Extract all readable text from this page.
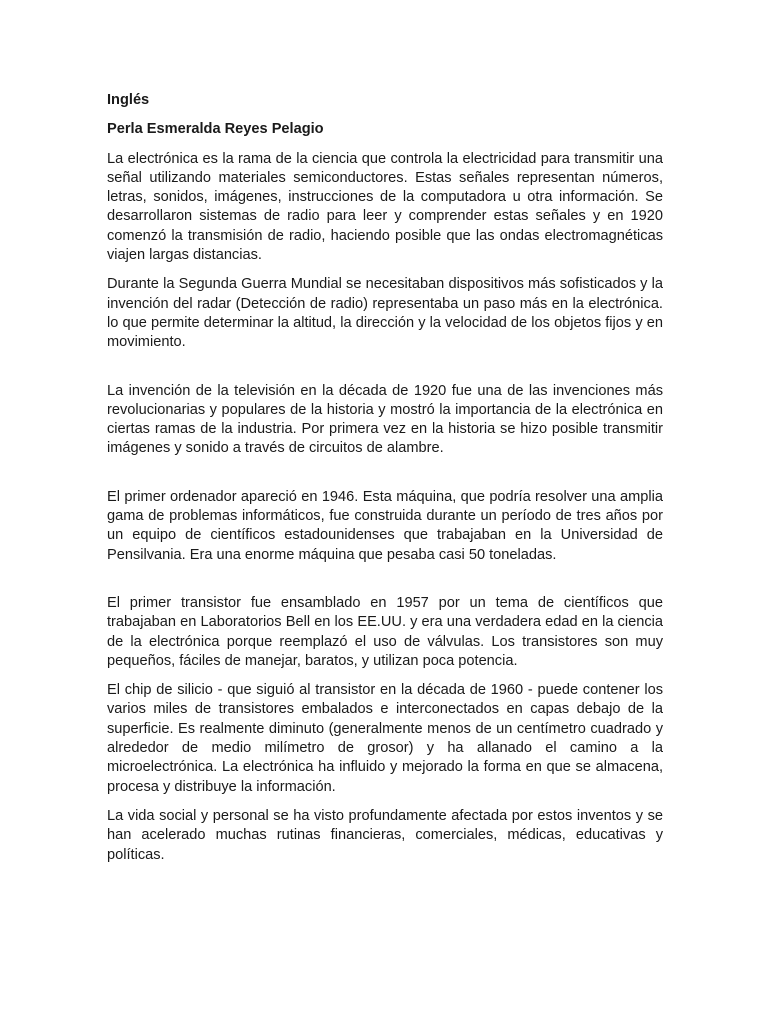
Inglés

Perla Esmeralda Reyes Pelagio

La electrónica es la rama de la ciencia que controla la electricidad para transmitir una señal utilizando materiales semiconductores. Estas señales representan números, letras, sonidos, imágenes, instrucciones de la computadora u otra información. Se desarrollaron sistemas de radio para leer y comprender estas señales y en 1920 comenzó la transmisión de radio, haciendo posible que las ondas electromagnéticas viajen largas distancias.

Durante la Segunda Guerra Mundial se necesitaban dispositivos más sofisticados y la invención del radar (Detección de radio) representaba un paso más en la electrónica. lo que permite determinar la altitud, la dirección y la velocidad de los objetos fijos y en movimiento.

La invención de la televisión en la década de 1920 fue una de las invenciones más revolucionarias y populares de la historia y mostró la importancia de la electrónica en ciertas ramas de la industria. Por primera vez en la historia se hizo posible transmitir imágenes y sonido a través de circuitos de alambre.

El primer ordenador apareció en 1946. Esta máquina, que podría resolver una amplia gama de problemas informáticos, fue construida durante un período de tres años por un equipo de científicos estadounidenses que trabajaban en la Universidad de Pensilvania. Era una enorme máquina que pesaba casi 50 toneladas.

El primer transistor fue ensamblado en 1957 por un tema de científicos que trabajaban en Laboratorios Bell en los EE.UU. y era una verdadera edad en la ciencia de la electrónica porque reemplazó el uso de válvulas. Los transistores son muy pequeños, fáciles de manejar, baratos, y utilizan poca potencia.

El chip de silicio - que siguió al transistor en la década de 1960 - puede contener los varios miles de transistores embalados e interconectados en capas debajo de la superficie. Es realmente diminuto (generalmente menos de un centímetro cuadrado y alrededor de medio milímetro de grosor) y ha allanado el camino a la microelectrónica. La electrónica ha influido y mejorado la forma en que se almacena, procesa y distribuye la información.

La vida social y personal se ha visto profundamente afectada por estos inventos y se han acelerado muchas rutinas financieras, comerciales, médicas, educativas y políticas.
